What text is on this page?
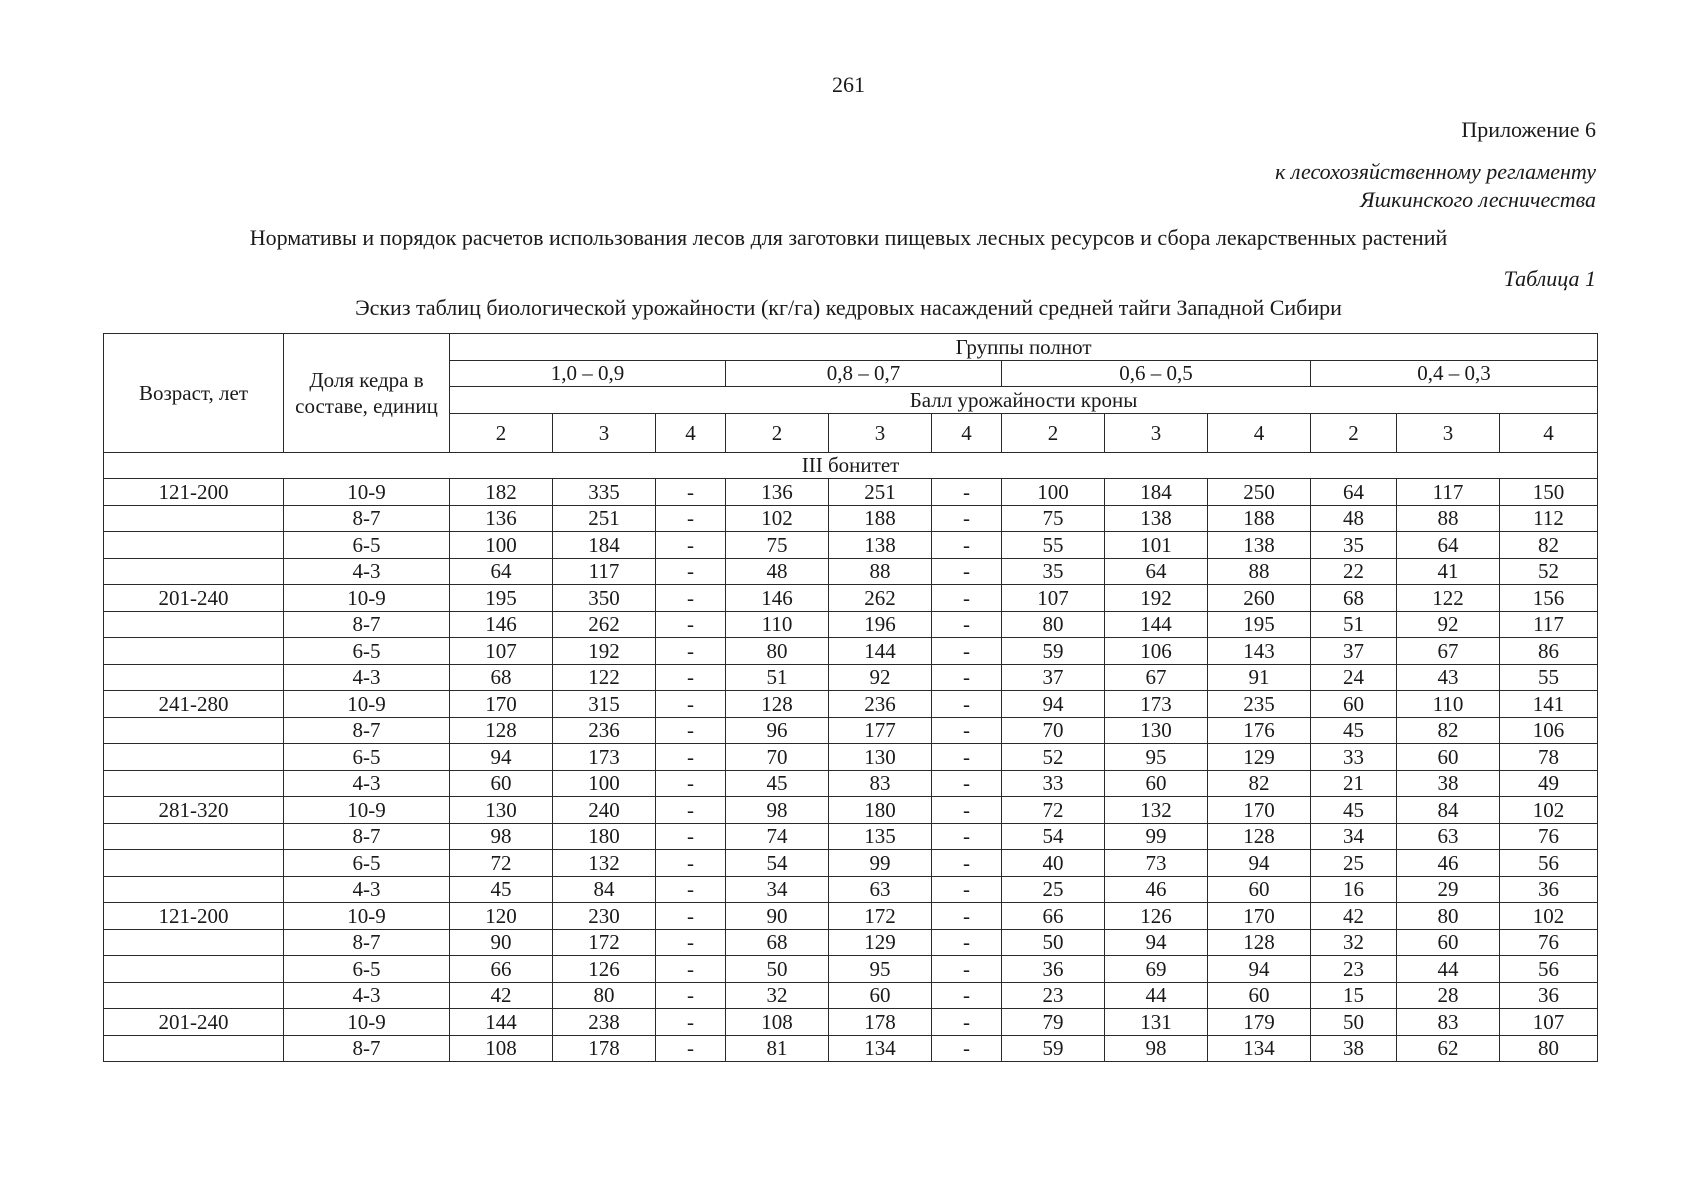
261
Приложение 6
к лесохозяйственному регламенту
Яшкинского лесничества
Нормативы и порядок расчетов использования лесов для заготовки пищевых лесных ресурсов и сбора лекарственных растений
Таблица 1
Эскиз таблиц биологической урожайности (кг/га) кедровых насаждений средней тайги Западной Сибири
Возраст, лет	Доля кедра в составе, единиц	Группы полнот											
		1,0 – 0,9			0,8 – 0,7			0,6 – 0,5			0,4 – 0,3		
		Балл урожайности кроны											
		2	3	4	2	3	4	2	3	4	2	3	4
III бонитет													
121-200	10-9	182	335	-	136	251	-	100	184	250	64	117	150
	8-7	136	251	-	102	188	-	75	138	188	48	88	112
	6-5	100	184	-	75	138	-	55	101	138	35	64	82
	4-3	64	117	-	48	88	-	35	64	88	22	41	52
201-240	10-9	195	350	-	146	262	-	107	192	260	68	122	156
	8-7	146	262	-	110	196	-	80	144	195	51	92	117
	6-5	107	192	-	80	144	-	59	106	143	37	67	86
	4-3	68	122	-	51	92	-	37	67	91	24	43	55
241-280	10-9	170	315	-	128	236	-	94	173	235	60	110	141
	8-7	128	236	-	96	177	-	70	130	176	45	82	106
	6-5	94	173	-	70	130	-	52	95	129	33	60	78
	4-3	60	100	-	45	83	-	33	60	82	21	38	49
281-320	10-9	130	240	-	98	180	-	72	132	170	45	84	102
	8-7	98	180	-	74	135	-	54	99	128	34	63	76
	6-5	72	132	-	54	99	-	40	73	94	25	46	56
	4-3	45	84	-	34	63	-	25	46	60	16	29	36
121-200	10-9	120	230	-	90	172	-	66	126	170	42	80	102
	8-7	90	172	-	68	129	-	50	94	128	32	60	76
	6-5	66	126	-	50	95	-	36	69	94	23	44	56
	4-3	42	80	-	32	60	-	23	44	60	15	28	36
201-240	10-9	144	238	-	108	178	-	79	131	179	50	83	107
	8-7	108	178	-	81	134	-	59	98	134	38	62	80
